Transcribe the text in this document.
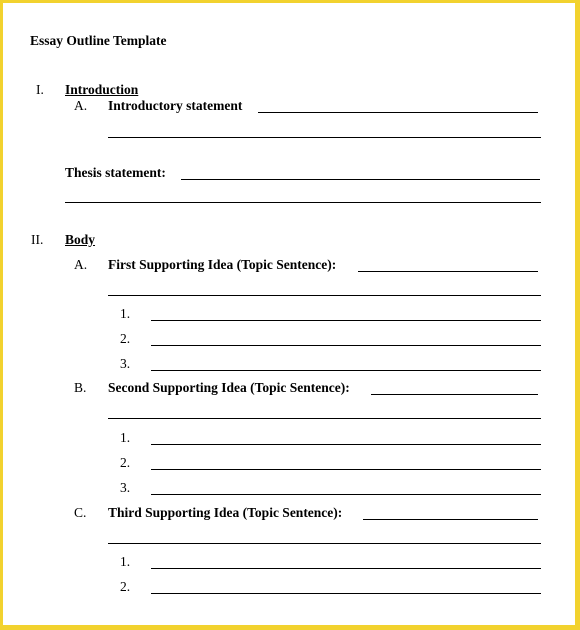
Essay Outline Template
I. Introduction
A. Introductory statement
Thesis statement:
II. Body
A. First Supporting Idea (Topic Sentence):
1.
2.
3.
B. Second Supporting Idea (Topic Sentence):
1.
2.
3.
C. Third Supporting Idea (Topic Sentence):
1.
2.
